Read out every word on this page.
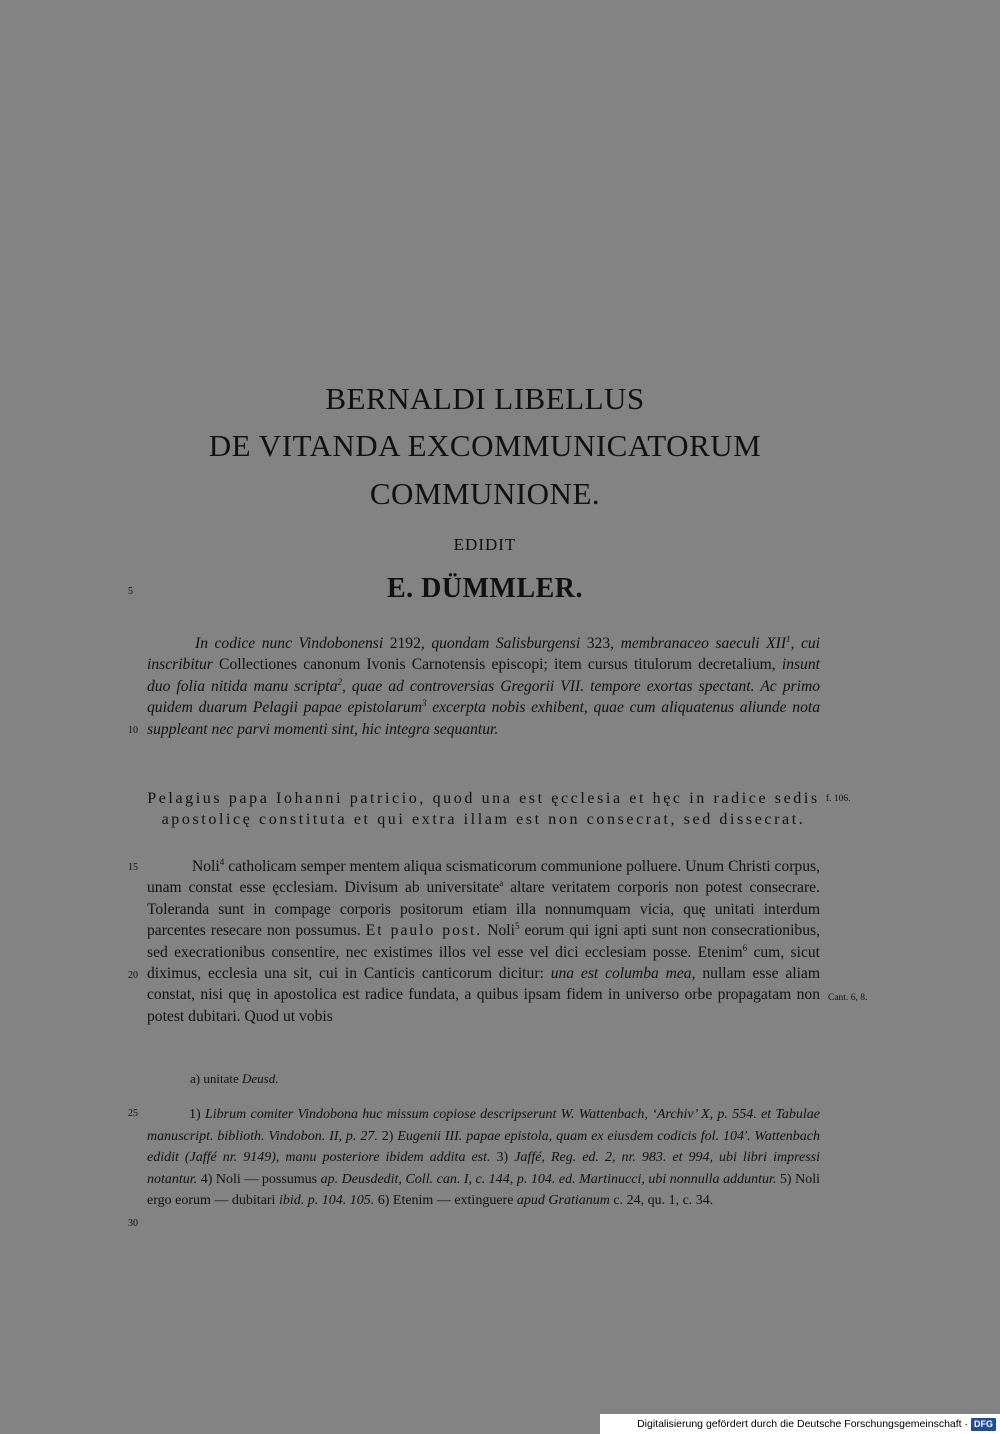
BERNALDI LIBELLUS
DE VITANDA EXCOMMUNICATORUM
COMMUNIONE.
EDIDIT
E. DÜMMLER.
5
10
15
20
25
30
f. 106.
Cant. 6, 8.
In codice nunc Vindobonensi 2192, quondam Salisburgensi 323, membranaceo saeculi XII$^1$, cui inscribitur Collectiones canonum Ivonis Carnotensis episcopi; item cursus titulorum decretalium, insunt duo folia nitida manu scripta$^2$, quae ad controversias Gregorii VII. tempore exortas spectant. Ac primo quidem duarum Pelagii papae epistolarum$^3$ excerpta nobis exhibent, quae cum aliquatenus aliunde nota suppleant nec parvi momenti sint, hic integra sequantur.
Pelagius papa Iohanni patricio, quod una est ęcclesia et hęc in radice sedis apostolicę constituta et qui extra illam est non consecrat, sed dissecrat.
Noli$^4$ catholicam semper mentem aliqua scismaticorum communione polluere. Unum Christi corpus, unam constat esse ęcclesiam. Divisum ab universitate$^a$ altare veritatem corporis non potest consecrare. Toleranda sunt in compage corporis positorum etiam illa nonnumquam vicia, quę unitati interdum parcentes resecare non possumus. Et paulo post. Noli$^5$ eorum qui igni apti sunt non consecrationibus, sed execrationibus consentire, nec existimes illos vel esse vel dici ecclesiam posse. Etenim$^6$ cum, sicut diximus, ecclesia una sit, cui in Canticis canticorum dicitur: una est columba mea, nullam esse aliam constat, nisi quę in apostolica est radice fundata, a quibus ipsam fidem in universo orbe propagatam non potest dubitari. Quod ut vobis
a) unitate Deusd.
1) Librum comiter Vindobona huc missum copiose descripserunt W. Wattenbach, ‘Archiv’ X, p. 554. et Tabulae manuscript. biblioth. Vindobon. II, p. 27. 2) Eugenii III. papae epistola, quam ex eiusdem codicis fol. 104′. Wattenbach edidit (Jaffé nr. 9149), manu posteriore ibidem addita est. 3) Jaffé, Reg. ed. 2, nr. 983. et 994, ubi libri impressi notantur. 4) Noli — possumus ap. Deusdedit, Coll. can. I, c. 144, p. 104. ed. Martinucci, ubi nonnulla adduntur. 5) Noli ergo eorum — dubitari ibid. p. 104. 105. 6) Etenim — extinguere apud Gratianum c. 24, qu. 1, c. 34.
Digitalisierung gefördert durch die Deutsche Forschungsgemeinschaft · DFG
